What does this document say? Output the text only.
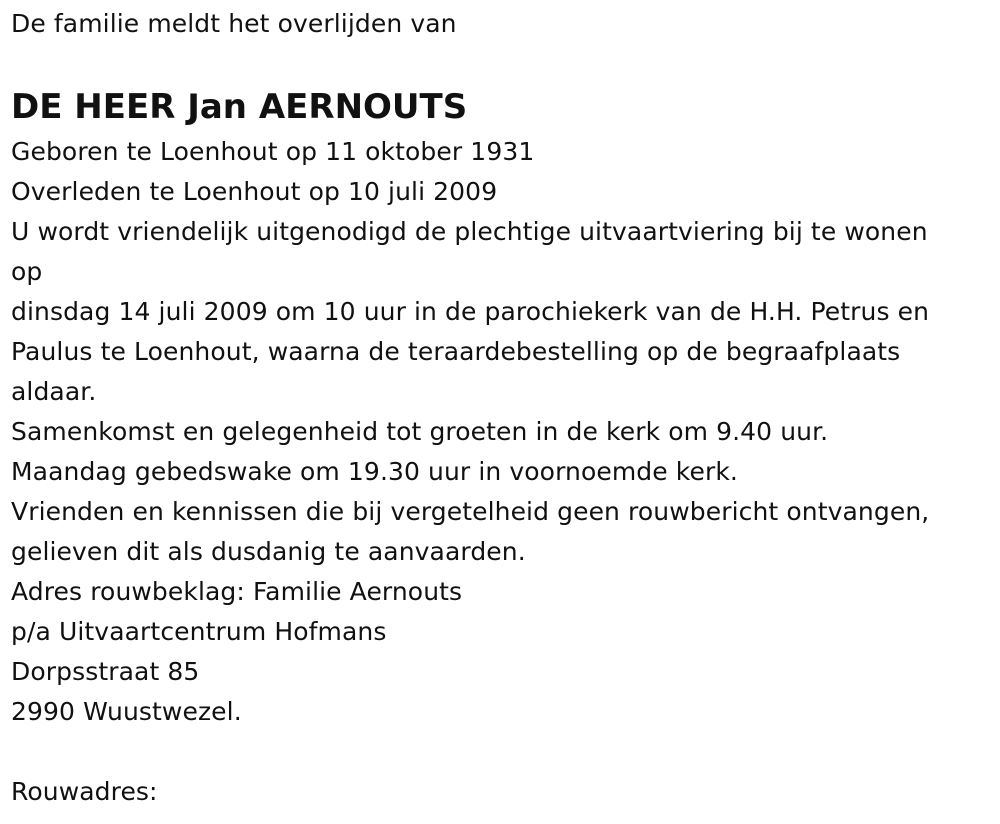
De familie meldt het overlijden van
DE HEER Jan AERNOUTS
Geboren te Loenhout op 11 oktober 1931
Overleden te Loenhout op 10 juli 2009
U wordt vriendelijk uitgenodigd de plechtige uitvaartviering bij te wonen
op
dinsdag 14 juli 2009 om 10 uur in de parochiekerk van de H.H. Petrus en
Paulus te Loenhout, waarna de teraardebestelling op de begraafplaats
aldaar.
Samenkomst en gelegenheid tot groeten in de kerk om 9.40 uur.
Maandag gebedswake om 19.30 uur in voornoemde kerk.
Vrienden en kennissen die bij vergetelheid geen rouwbericht ontvangen,
gelieven dit als dusdanig te aanvaarden.
Adres rouwbeklag: Familie Aernouts
p/a Uitvaartcentrum Hofmans
Dorpsstraat 85
2990 Wuustwezel.
Rouwadres:
